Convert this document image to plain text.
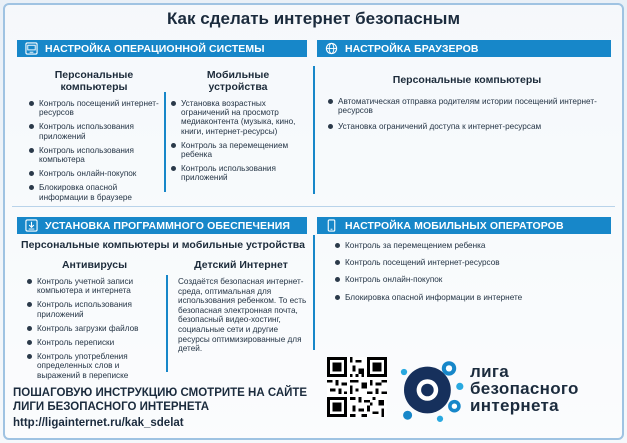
Как сделать интернет безопасным
НАСТРОЙКА ОПЕРАЦИОННОЙ СИСТЕМЫ
Персональные
компьютеры
Контроль посещений интернет-ресурсов
Контроль использования приложений
Контроль использования компьютера
Контроль онлайн-покупок
Блокировка опасной информации в браузере
Мобильные
устройства
Установка возрастных ограничений на просмотр медиаконтента (музыка, кино, книги, интернет-ресурсы)
Контроль за перемещением ребенка
Контроль использования приложений
НАСТРОЙКА БРАУЗЕРОВ
Персональные компьютеры
Автоматическая отправка родителям истории посещений интернет-ресурсов
Установка ограничений доступа к интернет-ресурсам
УСТАНОВКА ПРОГРАММНОГО ОБЕСПЕЧЕНИЯ
Персональные компьютеры и мобильные устройства
Антивирусы
Контроль учетной записи компьютера и интернета
Контроль использования приложений
Контроль загрузки файлов
Контроль переписки
Контроль употребления определенных слов и выражений в переписке
Детский Интернет
Создаётся безопасная интернет-среда, оптимальная для использования ребенком. То есть безопасная электронная почта, безопасный видео-хостинг, социальные сети и другие ресурсы оптимизированные для детей.
НАСТРОЙКА МОБИЛЬНЫХ ОПЕРАТОРОВ
Контроль за перемещением ребенка
Контроль посещений интернет-ресурсов
Контроль онлайн-покупок
Блокировка опасной информации в интернете
ПОШАГОВУЮ ИНСТРУКЦИЮ СМОТРИТЕ НА САЙТЕ
ЛИГИ БЕЗОПАСНОГО ИНТЕРНЕТА
http://ligainternet.ru/kak_sdelat
лига
безопасного
интернета
